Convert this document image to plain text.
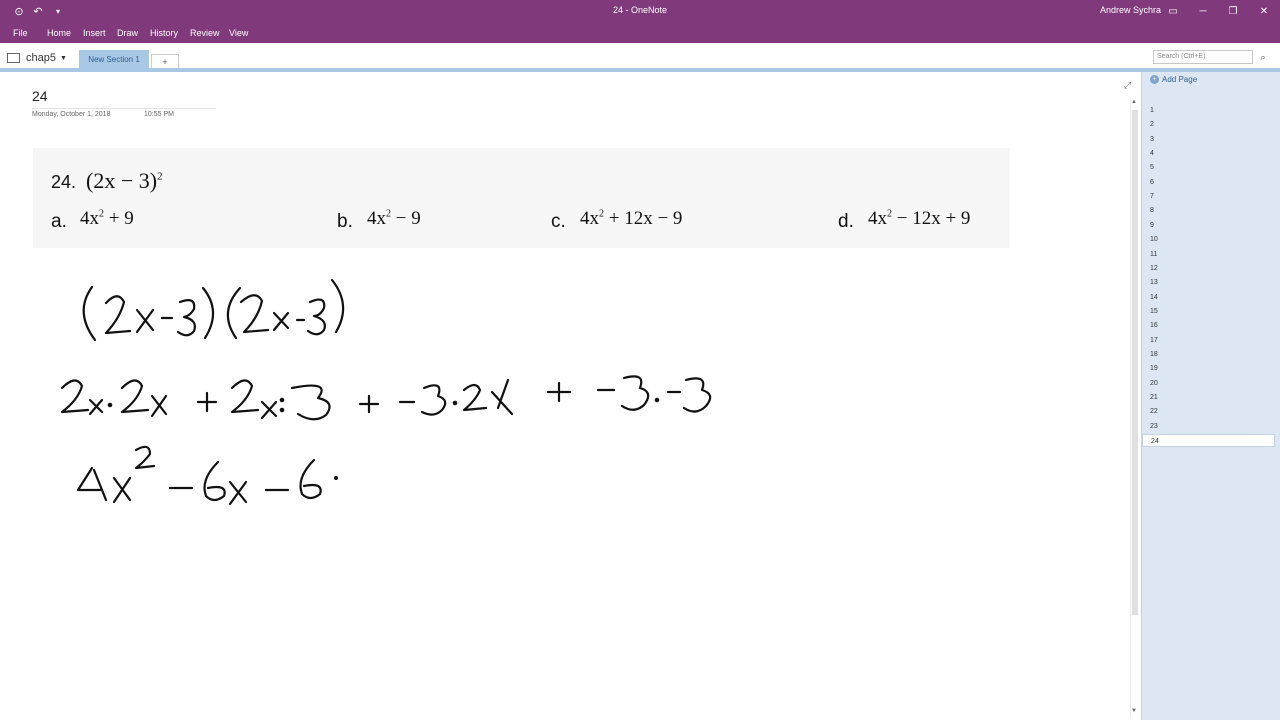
⊙ ↶	▾	24 - OneNote	Andrew Sychra ▭	─	❐	✕
File Home Insert Draw History Review View
chap5 ▼	New Section 1	+
Search (Ctrl+E)	⌕
24
Monday, October 1, 2018	10:55 PM
⤢
24. $(2x - 3)^2$
a. $4x^2 + 9$	b. $4x^2 - 9$	c. $4x^2 + 12x - 9$	d. $4x^2 - 12x + 9$
▲
▼
+ Add Page
1
2
3
4
5
6
7
8
9
10
11
12
13
14
15
16
17
18
19
20
21
22
23
24
